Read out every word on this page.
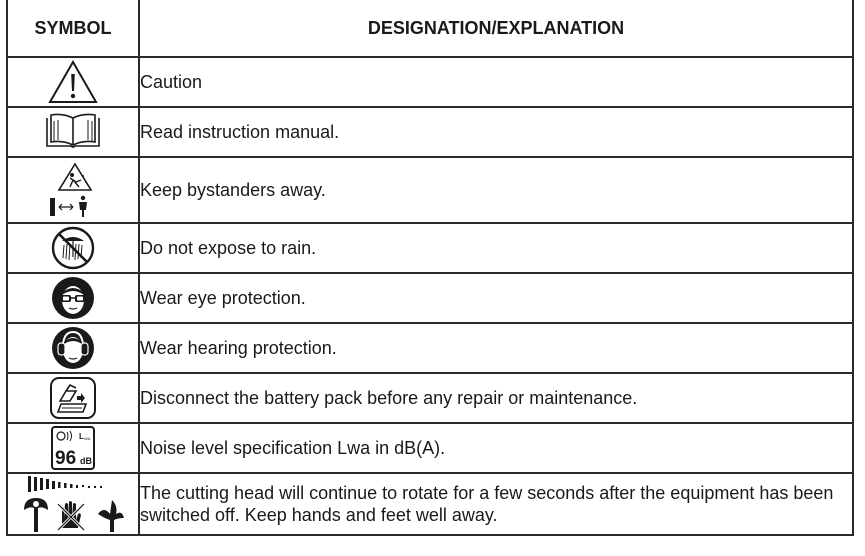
SYMBOL	DESIGNATION/EXPLANATION

	Caution

	Read instruction manual.

	Keep bystanders away.

	Do not expose to rain.

	Wear eye protection.

	Wear hearing protection.

	Disconnect the battery pack before any repair or maintenance.

L WA
96 dB	Noise level specification Lwa in dB(A).

	The cutting head will continue to rotate for a few seconds after the equipment has been switched off. Keep hands and feet well away.
